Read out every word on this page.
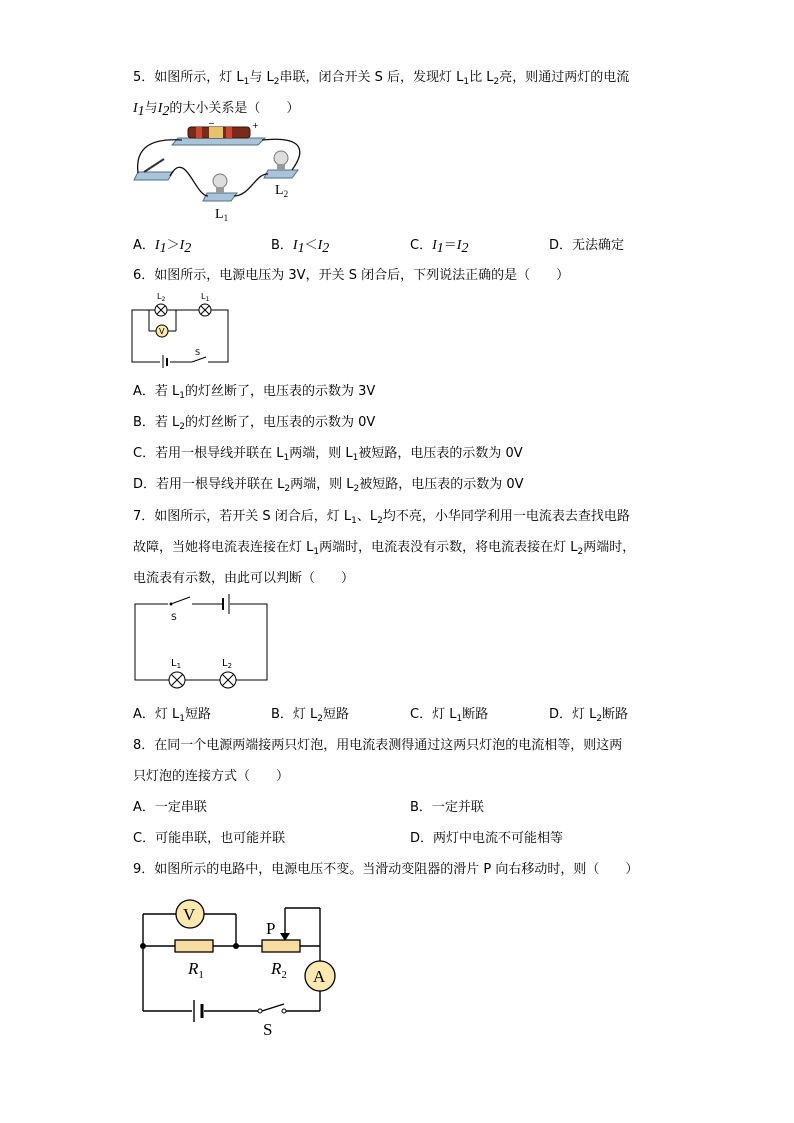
5．如图所示，灯 $L_1$与 $L_2$串联，闭合开关 S 后，发现灯 $L_1$比 $L_2$亮，则通过两灯的电流
$I_1$与$I_2$的大小关系是（　　）
−	+
$L_2$
$L_1$
A．$I_1>I_2$	B．$I_1<I_2$	C．$I_1=I_2$	D．无法确定
6．如图所示，电源电压为 3V，开关 S 闭合后，下列说法正确的是（　　）
V
S
$L_2$	$L_1$
A．若 $L_1$的灯丝断了，电压表的示数为 3V
B．若 $L_2$的灯丝断了，电压表的示数为 0V
C．若用一根导线并联在 $L_1$两端，则 $L_1$被短路，电压表的示数为 0V
D．若用一根导线并联在 $L_2$两端，则 $L_2$被短路，电压表的示数为 0V
7．如图所示，若开关 S 闭合后，灯 $L_1$、$L_2$均不亮，小华同学利用一电流表去查找电路
故障，当她将电流表连接在灯 $L_1$两端时，电流表没有示数，将电流表接在灯 $L_2$两端时，
电流表有示数，由此可以判断（　　）
S
$L_1$	$L_2$
A．灯 $L_1$短路	B．灯 $L_2$短路	C．灯 $L_1$断路	D．灯 $L_2$断路
8．在同一个电源两端接两只灯泡，用电流表测得通过这两只灯泡的电流相等，则这两
只灯泡的连接方式（　　）
A．一定串联	B．一定并联
C．可能串联，也可能并联	D．两灯中电流不可能相等
9．如图所示的电路中，电源电压不变。当滑动变阻器的滑片 P 向右移动时，则（　　）
V
A
S
P
$R_1$	$R_2$
